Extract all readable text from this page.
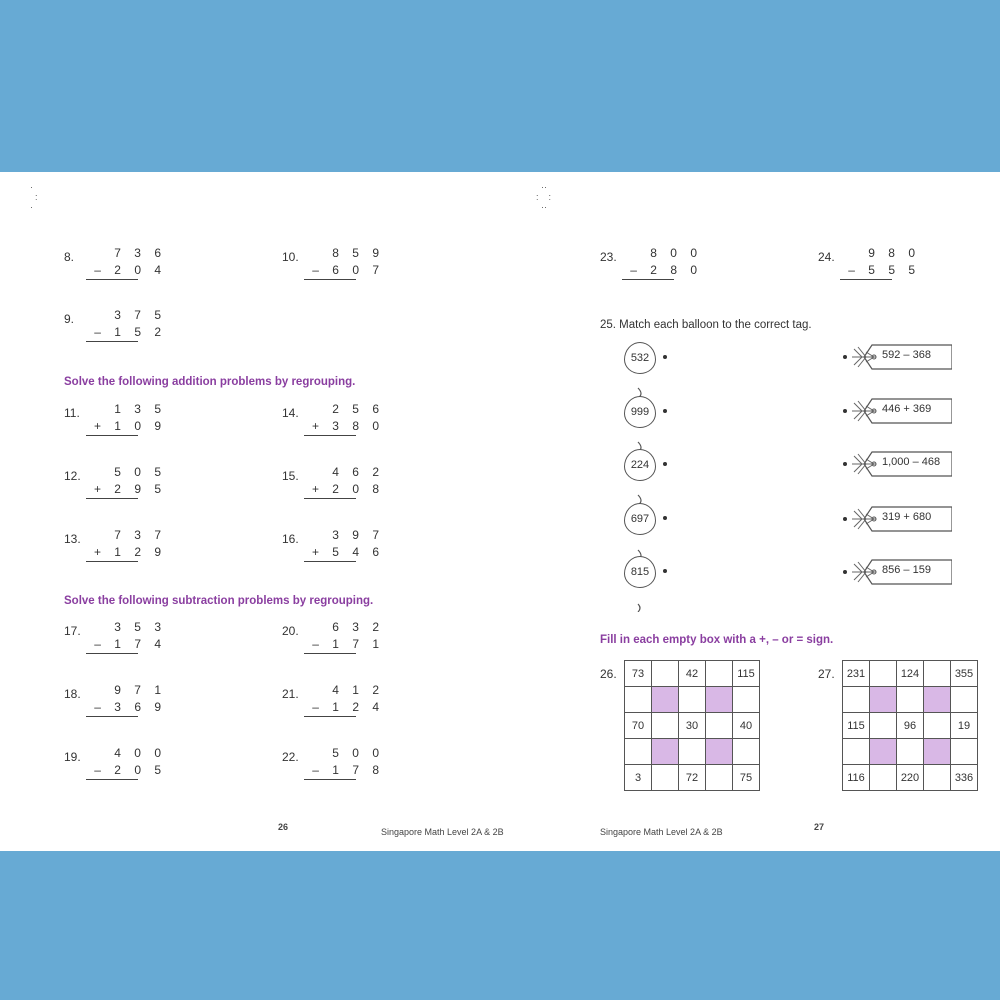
·
:
·
··
:    :
··
8.	7 3 6
– 2 0 4
10.	8 5 9
– 6 0 7
9.	3 7 5
– 1 5 2
11.	1 3 5
+ 1 0 9
14.	2 5 6
+ 3 8 0
12.	5 0 5
+ 2 9 5
15.	4 6 2
+ 2 0 8
13.	7 3 7
+ 1 2 9
16.	3 9 7
+ 5 4 6
17.	3 5 3
– 1 7 4
20.	6 3 2
– 1 7 1
18.	9 7 1
– 3 6 9
21.	4 1 2
– 1 2 4
19.	4 0 0
– 2 0 5
22.	5 0 0
– 1 7 8
Solve the following addition problems by regrouping.
Solve the following subtraction problems by regrouping.
26	Singapore Math Level 2A & 2B
23.	8 0 0
– 2 8 0
24.	9 8 0
– 5 5 5
25. Match each balloon to the correct tag.
532
999
224
697
815
592 – 368
446 + 369
1,000 – 468
319 + 680
856 – 159
Fill in each empty box with a +, – or = sign.
26. 73		42		115

70		30		40

3		72		75
27. 231		124		355

115		96		19

116		220		336
Singapore Math Level 2A & 2B	27
